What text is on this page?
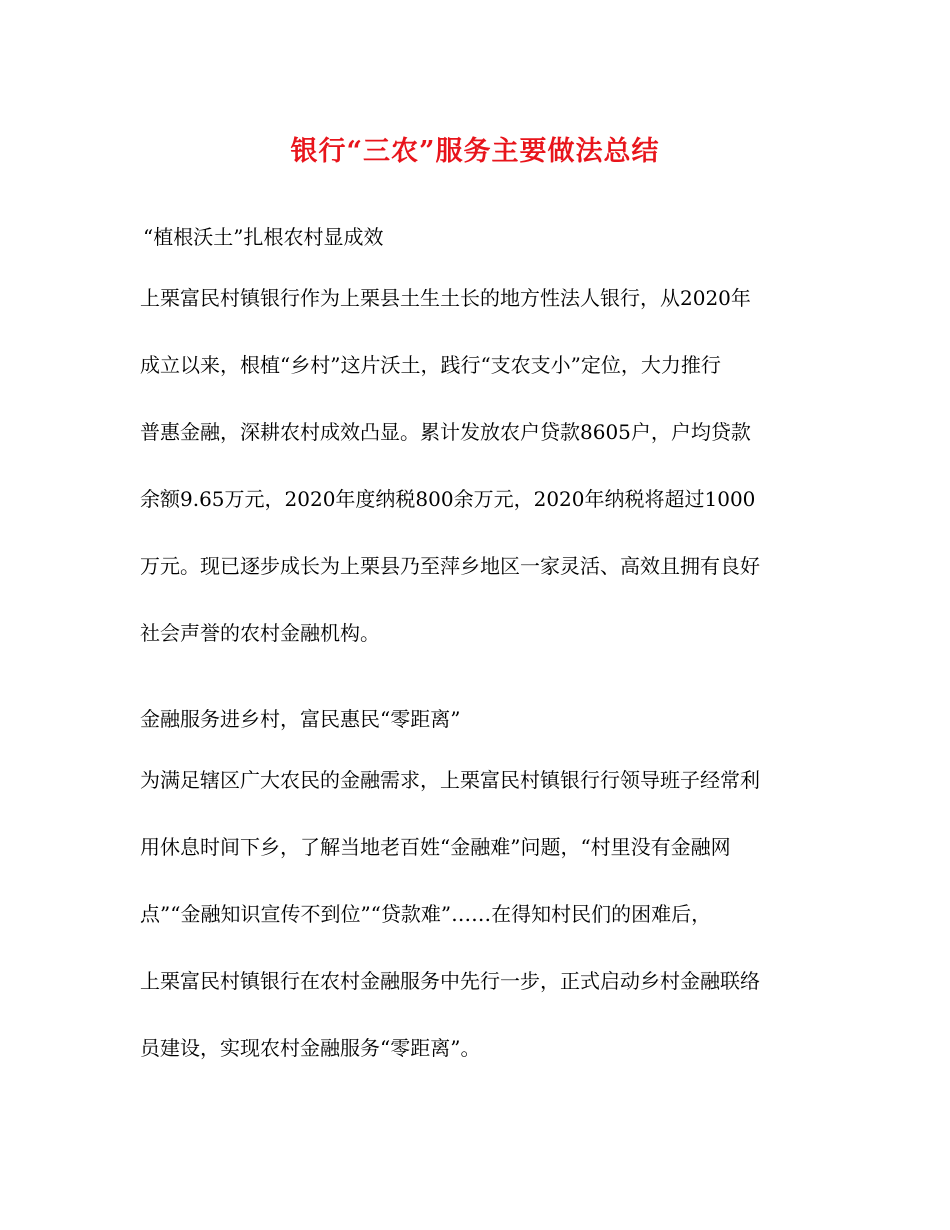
银行“三农”服务主要做法总结
“植根沃土”扎根农村显成效
上栗富民村镇银行作为上栗县土生土长的地方性法人银行，从2020年
成立以来，根植“乡村”这片沃土，践行“支农支小”定位，大力推行
普惠金融，深耕农村成效凸显。累计发放农户贷款8605户，户均贷款
余额9.65万元，2020年度纳税800余万元，2020年纳税将超过1000
万元。现已逐步成长为上栗县乃至萍乡地区一家灵活、高效且拥有良好
社会声誉的农村金融机构。
金融服务进乡村，富民惠民“零距离”
为满足辖区广大农民的金融需求，上栗富民村镇银行行领导班子经常利
用休息时间下乡，了解当地老百姓“金融难”问题，“村里没有金融网
点”“金融知识宣传不到位”“贷款难”……在得知村民们的困难后，
上栗富民村镇银行在农村金融服务中先行一步，正式启动乡村金融联络
员建设，实现农村金融服务“零距离”。
